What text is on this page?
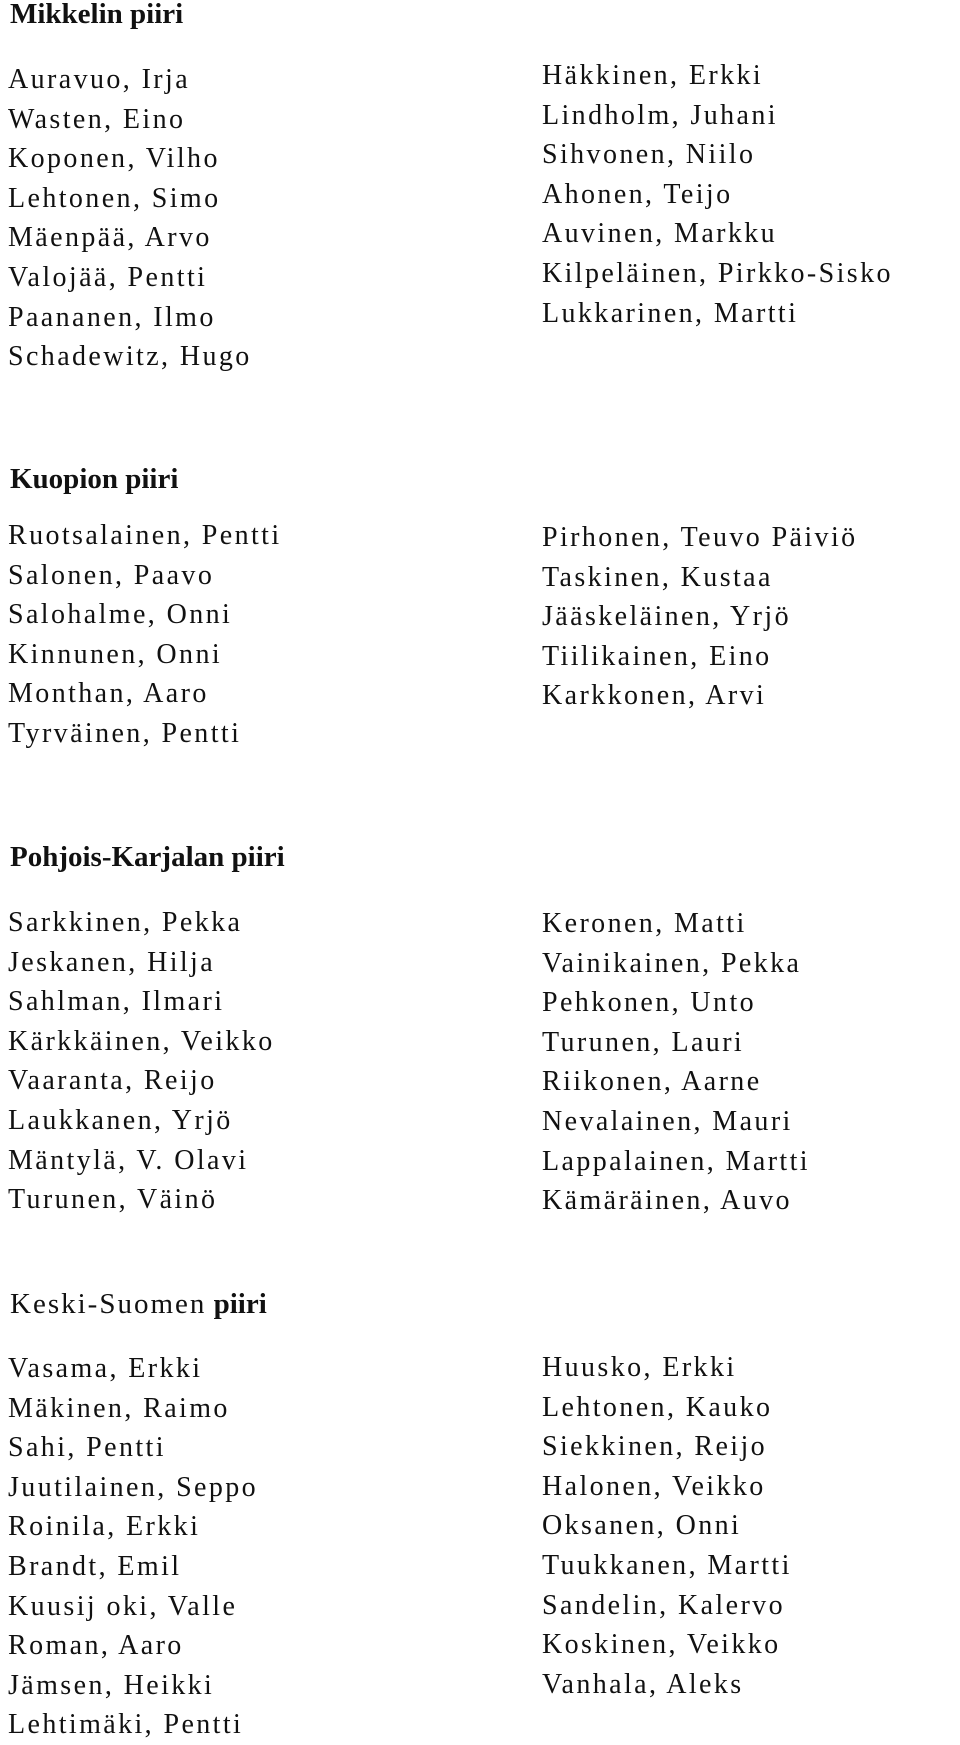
Mikkelin piiri
Auravuo, Irja
Wasten, Eino
Koponen, Vilho
Lehtonen, Simo
Mäenpää, Arvo
Valojää, Pentti
Paananen, Ilmo
Schadewitz, Hugo
Häkkinen, Erkki
Lindholm, Juhani
Sihvonen, Niilo
Ahonen, Teijo
Auvinen, Markku
Kilpeläinen, Pirkko-Sisko
Lukkarinen, Martti
Kuopion piiri
Ruotsalainen, Pentti
Salonen, Paavo
Salohalme, Onni
Kinnunen, Onni
Monthan, Aaro
Tyrväinen, Pentti
Pirhonen, Teuvo Päiviö
Taskinen, Kustaa
Jääskeläinen, Yrjö
Tiilikainen, Eino
Karkkonen, Arvi
Pohjois-Karjalan piiri
Sarkkinen, Pekka
Jeskanen, Hilja
Sahlman, Ilmari
Kärkkäinen, Veikko
Vaaranta, Reijo
Laukkanen, Yrjö
Mäntylä, V. Olavi
Turunen, Väinö
Keronen, Matti
Vainikainen, Pekka
Pehkonen, Unto
Turunen, Lauri
Riikonen, Aarne
Nevalainen, Mauri
Lappalainen, Martti
Kämäräinen, Auvo
Keski-Suomen piiri
Vasama, Erkki
Mäkinen, Raimo
Sahi, Pentti
Juutilainen, Seppo
Roinila, Erkki
Brandt, Emil
Kuusij oki, Valle
Roman, Aaro
Jämsen, Heikki
Lehtimäki, Pentti
Huusko, Erkki
Lehtonen, Kauko
Siekkinen, Reijo
Halonen, Veikko
Oksanen, Onni
Tuukkanen, Martti
Sandelin, Kalervo
Koskinen, Veikko
Vanhala, Aleks
